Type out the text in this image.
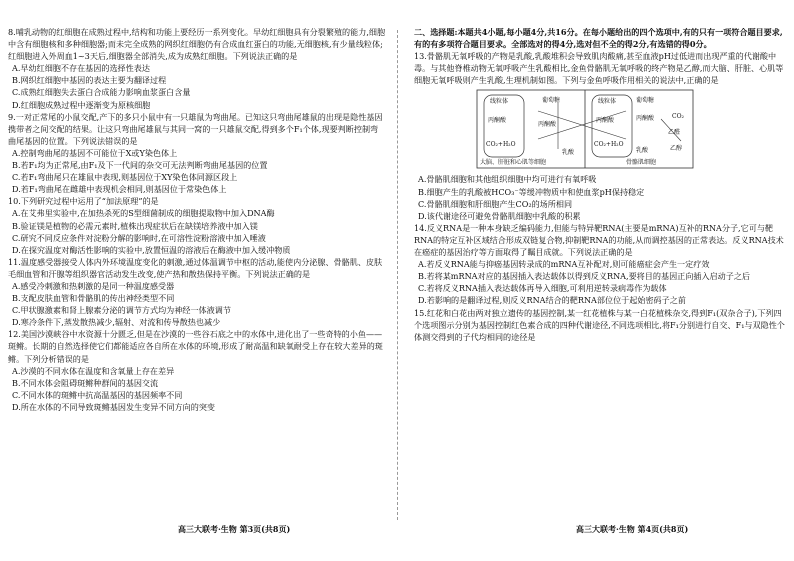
8.哺乳动物的红细胞在成熟过程中,结构和功能上要经历一系列变化。早幼红细胞具有分裂繁殖的能力,细胞中含有细胞核和多种细胞器;而未完全成熟的网织红细胞仍有合成血红蛋白的功能,无细胞核,有少量线粒体;红细胞进入外周血1~3天后,细胞器全部消失,成为成熟红细胞。下列说法正确的是

A.早幼红细胞不存在基因的选择性表达

B.网织红细胞中基因的表达主要为翻译过程

C.成熟红细胞失去蛋白合成能力影响血浆蛋白含量

D.红细胞成熟过程中逐渐变为原核细胞

9.一对正常尾的小鼠交配,产下的多只小鼠中有一只雄鼠为弯曲尾。已知这只弯曲尾雄鼠的出现是隐性基因携带者之间交配的结果。让这只弯曲尾雄鼠与其同一窝的一只雄鼠交配,得到多个F₁个体,现要判断控制弯曲尾基因的位置。下列说法错误的是

A.控制弯曲尾的基因不可能位于X或Y染色体上

B.若F₁均为正常尾,由F₁及下一代间的杂交可无法判断弯曲尾基因的位置

C.若F₁弯曲尾只在雄鼠中表现,则基因位于XY染色体同源区段上

D.若F₁弯曲尾在雌雄中表现机会相同,则基因位于常染色体上

10.下列研究过程中运用了“加法原理”的是

A.在艾弗里实验中,在加热杀死的S型细菌制成的细胞提取物中加入DNA酶

B.验证镁是植物的必需元素时,植株出现症状后在缺镁培养液中加入镁

C.研究不同反应条件对淀粉分解的影响时,在可溶性淀粉溶液中加入唾液

D.在探究温度对酶活性影响的实验中,放置恒温的溶液后在酶液中加入缓冲物质

11.温度感受器接受人体内外环境温度变化的刺激,通过体温调节中枢的活动,能使内分泌腺、骨骼肌、皮肤毛细血管和汗腺等组织器官活动发生改变,使产热和散热保持平衡。下列说法正确的是

A.感受冷刺激和热刺激的是同一种温度感受器

B.支配皮肤血管和骨骼肌的传出神经类型不同

C.甲状腺激素和肾上腺素分泌的调节方式均为神经一体液调节

D.寒冷条件下,蒸发散热减少,辐射、对流和传导散热也减少

12.美国沙漠峡谷中水资源十分匮乏,但是在沙漠的一些谷石底之中的水体中,进化出了一些奇特的小鱼——斑鳉。长期的自然选择使它们都能适应各自所在水体的环境,形成了耐高温和缺氧耐受上存在较大差异的斑鳉。下列分析错误的是

A.沙漠的不同水体在温度和含氧量上存在差异

B.不同水体会阻碍斑鳉种群间的基因交流

C.不同水体的斑鳉中抗高温基因的基因频率不同

D.所在水体的不同导致斑鳉基因发生变异不同方向的突变

二、选择题:本题共4小题,每小题4分,共16分。在每小题给出的四个选项中,有的只有一项符合题目要求,有的有多项符合题目要求。全部选对的得4分,选对但不全的得2分,有选错的得0分。

13.骨骼肌无氧呼吸的产物是乳酸,乳酸堆积会导致肌肉酸痛,甚至血液pH过低进而出现严重的代谢酸中毒。与其他脊椎动物无氧呼吸产生乳酸相比,金鱼骨骼肌无氧呼吸的终产物是乙醇,而大脑、肝脏、心肌等细胞无氧呼吸则产生乳酸,生理机制如图。下列与金鱼呼吸作用相关的说法中,正确的是

线粒体
丙酮酸
CO₂+H₂O
葡萄糖
丙酮酸
乳酸
线粒体
丙酮酸
CO₂+H₂O
葡萄糖
丙酮酸	CO₂
乙醛
乙醇
乳酸
大脑、肝脏和心肌等细胞	骨骼肌细胞

A.骨骼肌细胞和其他组织细胞中均可进行有氧呼吸

B.细胞产生的乳酸被HCO₃⁻等缓冲物质中和使血浆pH保持稳定

C.骨骼肌细胞和肝细胞产生CO₂的场所相同

D.该代谢途径可避免骨骼肌细胞中乳酸的积累

14.反义RNA是一种本身缺乏编码能力,但能与特异靶RNA(主要是mRNA)互补的RNA分子,它可与靶RNA的特定互补区域结合形成双链复合物,抑制靶RNA的功能,从而调控基因的正常表达。反义RNA技术在癌症的基因治疗等方面取得了瞩目成就。下列说法正确的是

A.若反义RNA能与抑癌基因转录成的mRNA互补配对,则可能癌症会产生一定疗效

B.若将某mRNA对应的基因插入表达载体以得到反义RNA,要将目的基因正向插入启动子之后

C.若将反义RNA插入表达载体再导入细胞,可利用逆转录病毒作为载体

D.若影响的是翻译过程,则反义RNA结合的靶RNA部位位于起始密码子之前

15.红花和白花由两对独立遗传的基因控制,某一红花植株与某一白花植株杂交,得到F₁(双杂合子),下列四个选项图示分别为基因控制红色素合成的四种代谢途径,不同选项相比,将F₁分别进行自交、F₁与双隐性个体测交得到的子代均相同的途径是

高三大联考·生物 第3页(共8页)	高三大联考·生物 第4页(共8页)
